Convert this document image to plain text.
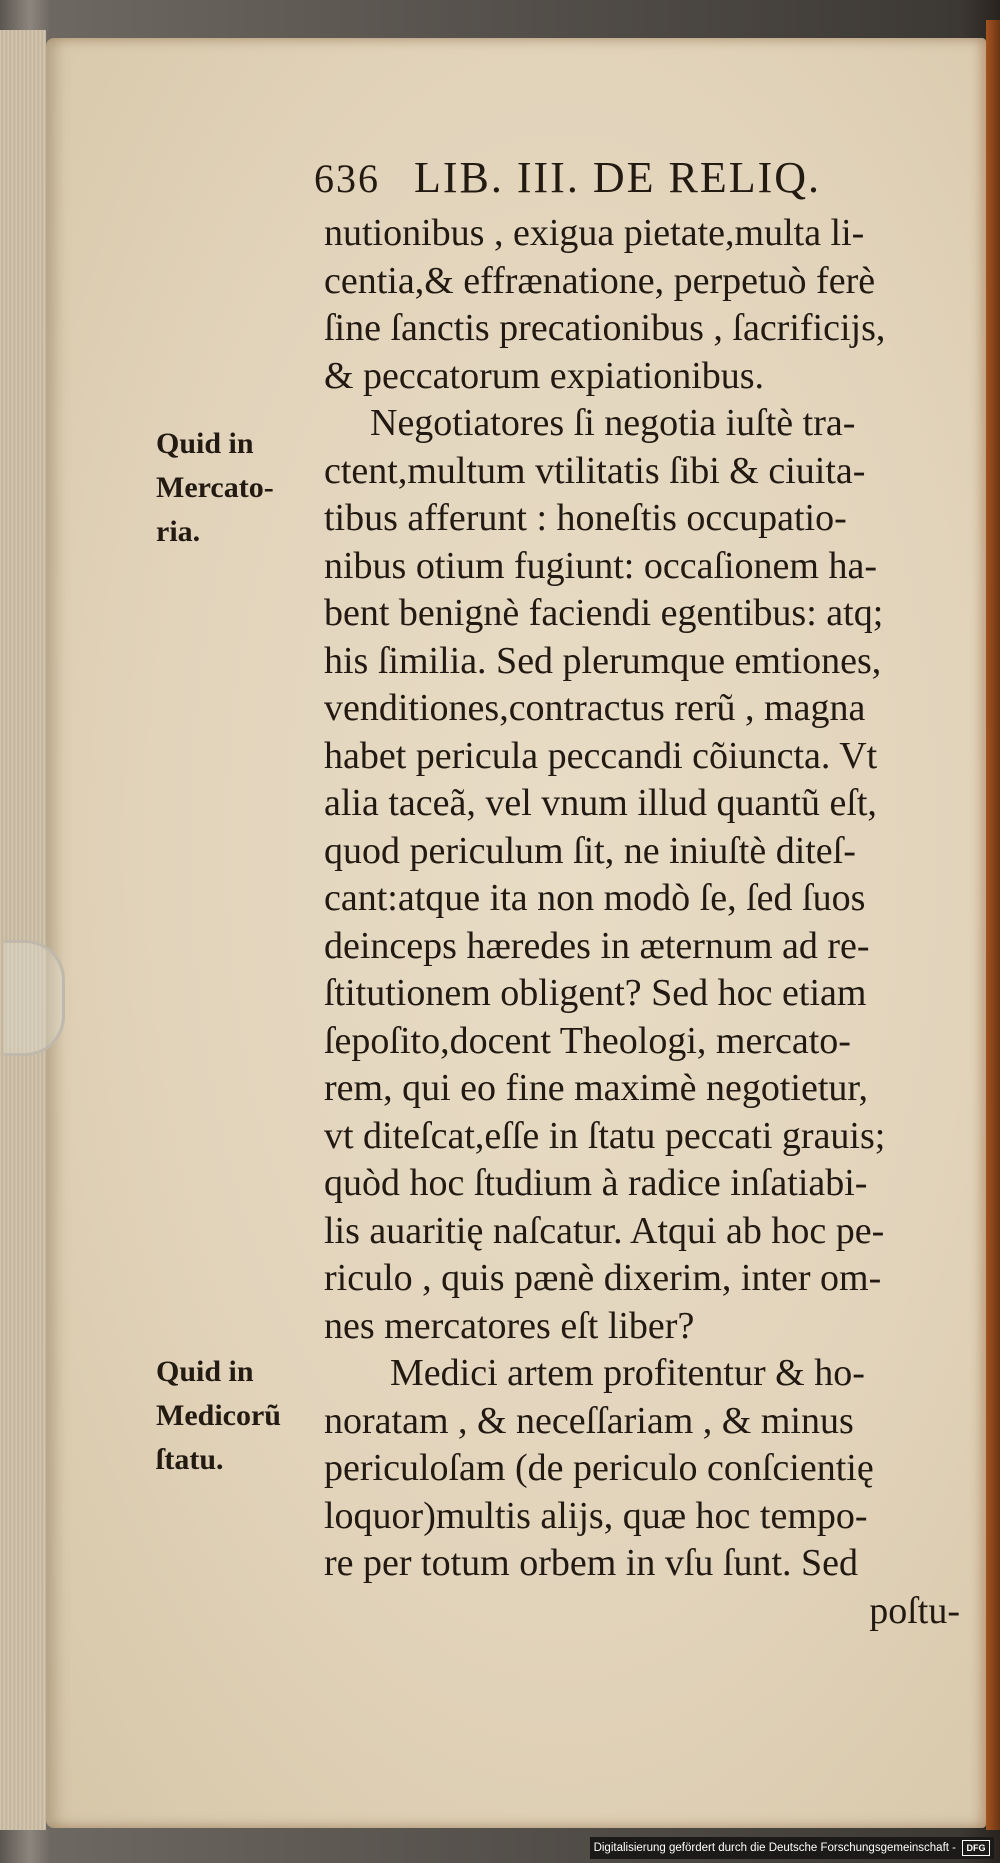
636 LIB. III. DE RELIQ.
Quid in
Mercato-
ria.
Quid in
Medicorũ
ſtatu.
nutionibus , exigua pietate,multa li-
centia,& effrænatione, perpetuò ferè
ſine ſanctis precationibus , ſacrificijs,
& peccatorum expiationibus.
Negotiatores ſi negotia iuſtè tra-
ctent,multum vtilitatis ſibi & ciuita-
tibus afferunt : honeſtis occupatio-
nibus otium fugiunt: occaſionem ha-
bent benignè faciendi egentibus: atq;
his ſimilia. Sed plerumque emtiones,
venditiones,contractus rerũ , magna
habet pericula peccandi cõiuncta. Vt
alia taceã, vel vnum illud quantũ eſt,
quod periculum ſit, ne iniuſtè diteſ-
cant:atque ita non modò ſe, ſed ſuos
deinceps hæredes in æternum ad re-
ſtitutionem obligent? Sed hoc etiam
ſepoſito,docent Theologi, mercato-
rem, qui eo fine maximè negotietur,
vt diteſcat,eſſe in ſtatu peccati grauis;
quòd hoc ſtudium à radice inſatiabi-
lis auaritię naſcatur. Atqui ab hoc pe-
riculo , quis pænè dixerim, inter om-
nes mercatores eſt liber?
Medici artem profitentur & ho-
noratam , & neceſſariam , & minus
periculoſam (de periculo conſcientię
loquor)multis alijs, quæ hoc tempo-
re per totum orbem in vſu ſunt. Sed
poſtu-
Digitalisierung gefördert durch die Deutsche Forschungsgemeinschaft -	DFG
